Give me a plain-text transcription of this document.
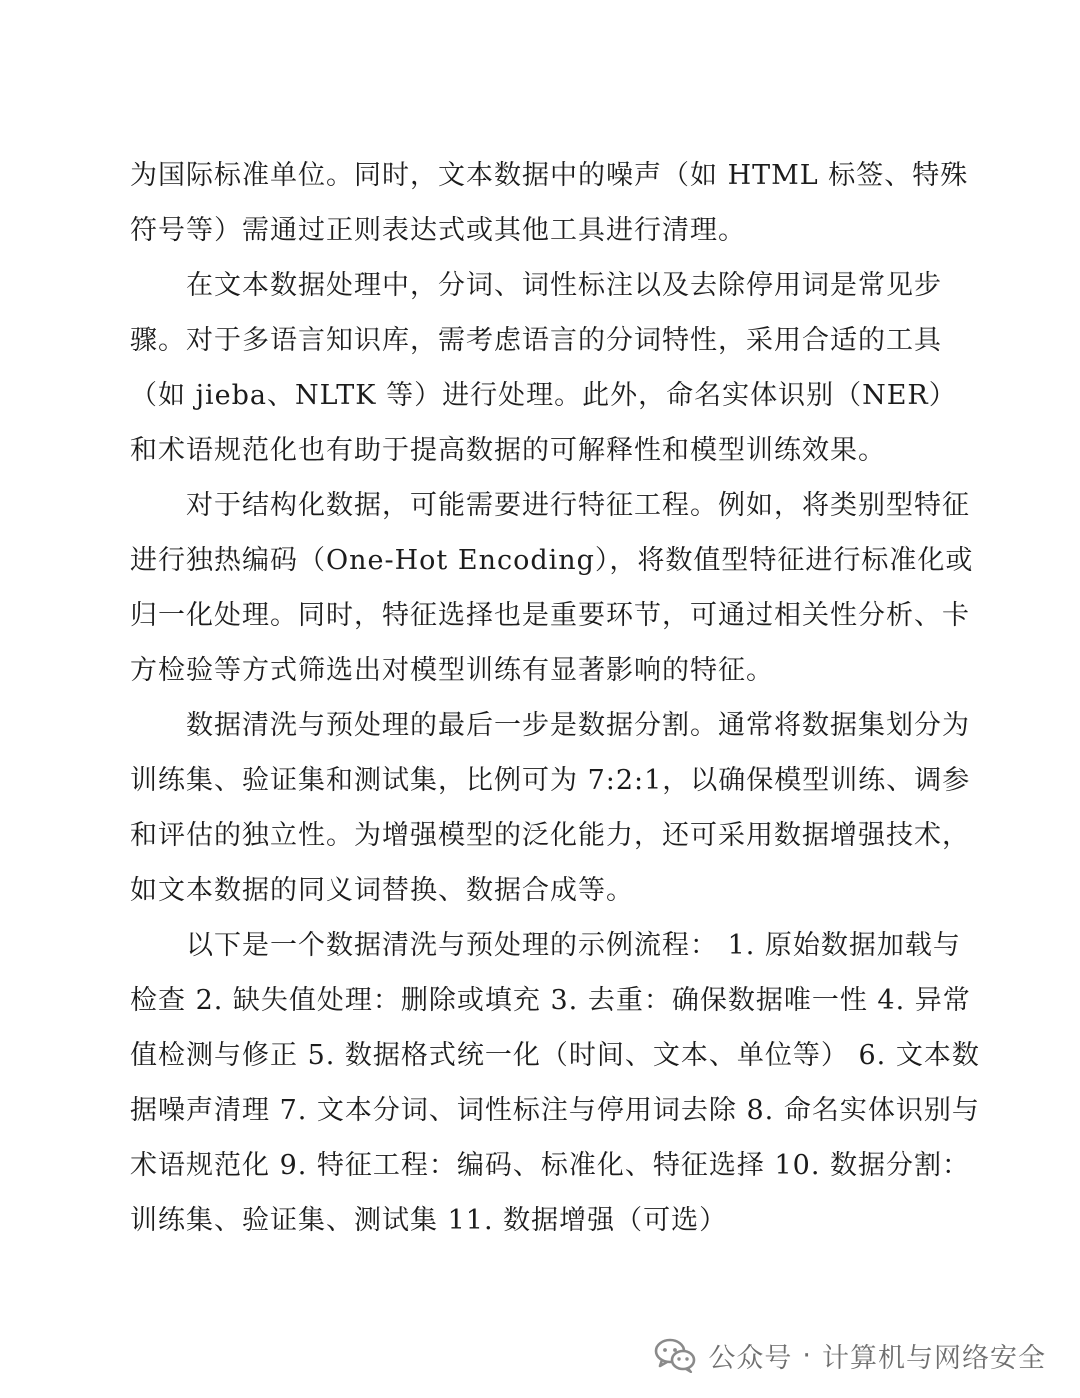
为国际标准单位。同时，文本数据中的噪声（如 HTML 标签、特殊符号等）需通过正则表达式或其他工具进行清理。

在文本数据处理中，分词、词性标注以及去除停用词是常见步骤。对于多语言知识库，需考虑语言的分词特性，采用合适的工具（如 jieba、NLTK 等）进行处理。此外，命名实体识别（NER）和术语规范化也有助于提高数据的可解释性和模型训练效果。

对于结构化数据，可能需要进行特征工程。例如，将类别型特征进行独热编码（One-Hot Encoding），将数值型特征进行标准化或归一化处理。同时，特征选择也是重要环节，可通过相关性分析、卡方检验等方式筛选出对模型训练有显著影响的特征。

数据清洗与预处理的最后一步是数据分割。通常将数据集划分为训练集、验证集和测试集，比例可为 7:2:1，以确保模型训练、调参和评估的独立性。为增强模型的泛化能力，还可采用数据增强技术，如文本数据的同义词替换、数据合成等。

以下是一个数据清洗与预处理的示例流程： 1. 原始数据加载与检查 2. 缺失值处理：删除或填充 3. 去重：确保数据唯一性 4. 异常值检测与修正 5. 数据格式统一化（时间、文本、单位等） 6. 文本数据噪声清理 7. 文本分词、词性标注与停用词去除 8. 命名实体识别与术语规范化 9. 特征工程：编码、标准化、特征选择 10. 数据分割：训练集、验证集、测试集 11. 数据增强（可选）

公众号 · 计算机与网络安全
